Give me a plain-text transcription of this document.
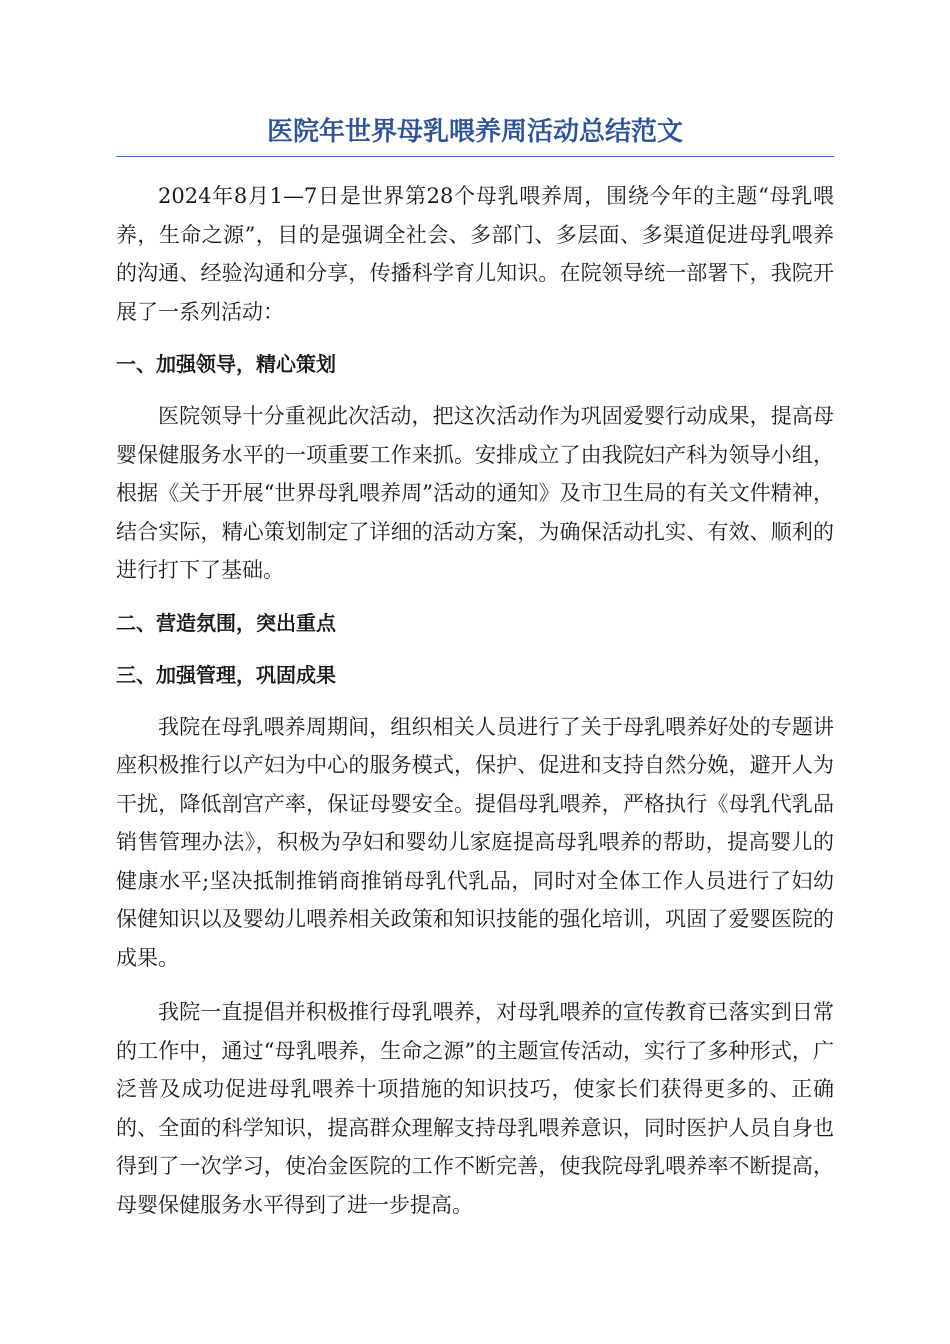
医院年世界母乳喂养周活动总结范文

2024年8月1—7日是世界第28个母乳喂养周，围绕今年的主题“母乳喂养，生命之源”，目的是强调全社会、多部门、多层面、多渠道促进母乳喂养的沟通、经验沟通和分享，传播科学育儿知识。在院领导统一部署下，我院开展了一系列活动：

一、加强领导，精心策划

医院领导十分重视此次活动，把这次活动作为巩固爱婴行动成果，提高母婴保健服务水平的一项重要工作来抓。安排成立了由我院妇产科为领导小组，根据《关于开展“世界母乳喂养周”活动的通知》及市卫生局的有关文件精神，结合实际，精心策划制定了详细的活动方案，为确保活动扎实、有效、顺利的进行打下了基础。

二、营造氛围，突出重点
三、加强管理，巩固成果

我院在母乳喂养周期间，组织相关人员进行了关于母乳喂养好处的专题讲座积极推行以产妇为中心的服务模式，保护、促进和支持自然分娩，避开人为干扰，降低剖宫产率，保证母婴安全。提倡母乳喂养，严格执行《母乳代乳品销售管理办法》，积极为孕妇和婴幼儿家庭提高母乳喂养的帮助，提高婴儿的健康水平;坚决抵制推销商推销母乳代乳品，同时对全体工作人员进行了妇幼保健知识以及婴幼儿喂养相关政策和知识技能的强化培训，巩固了爱婴医院的成果。

我院一直提倡并积极推行母乳喂养，对母乳喂养的宣传教育已落实到日常的工作中，通过“母乳喂养，生命之源”的主题宣传活动，实行了多种形式，广泛普及成功促进母乳喂养十项措施的知识技巧，使家长们获得更多的、正确的、全面的科学知识，提高群众理解支持母乳喂养意识，同时医护人员自身也得到了一次学习，使冶金医院的工作不断完善，使我院母乳喂养率不断提高，母婴保健服务水平得到了进一步提高。
